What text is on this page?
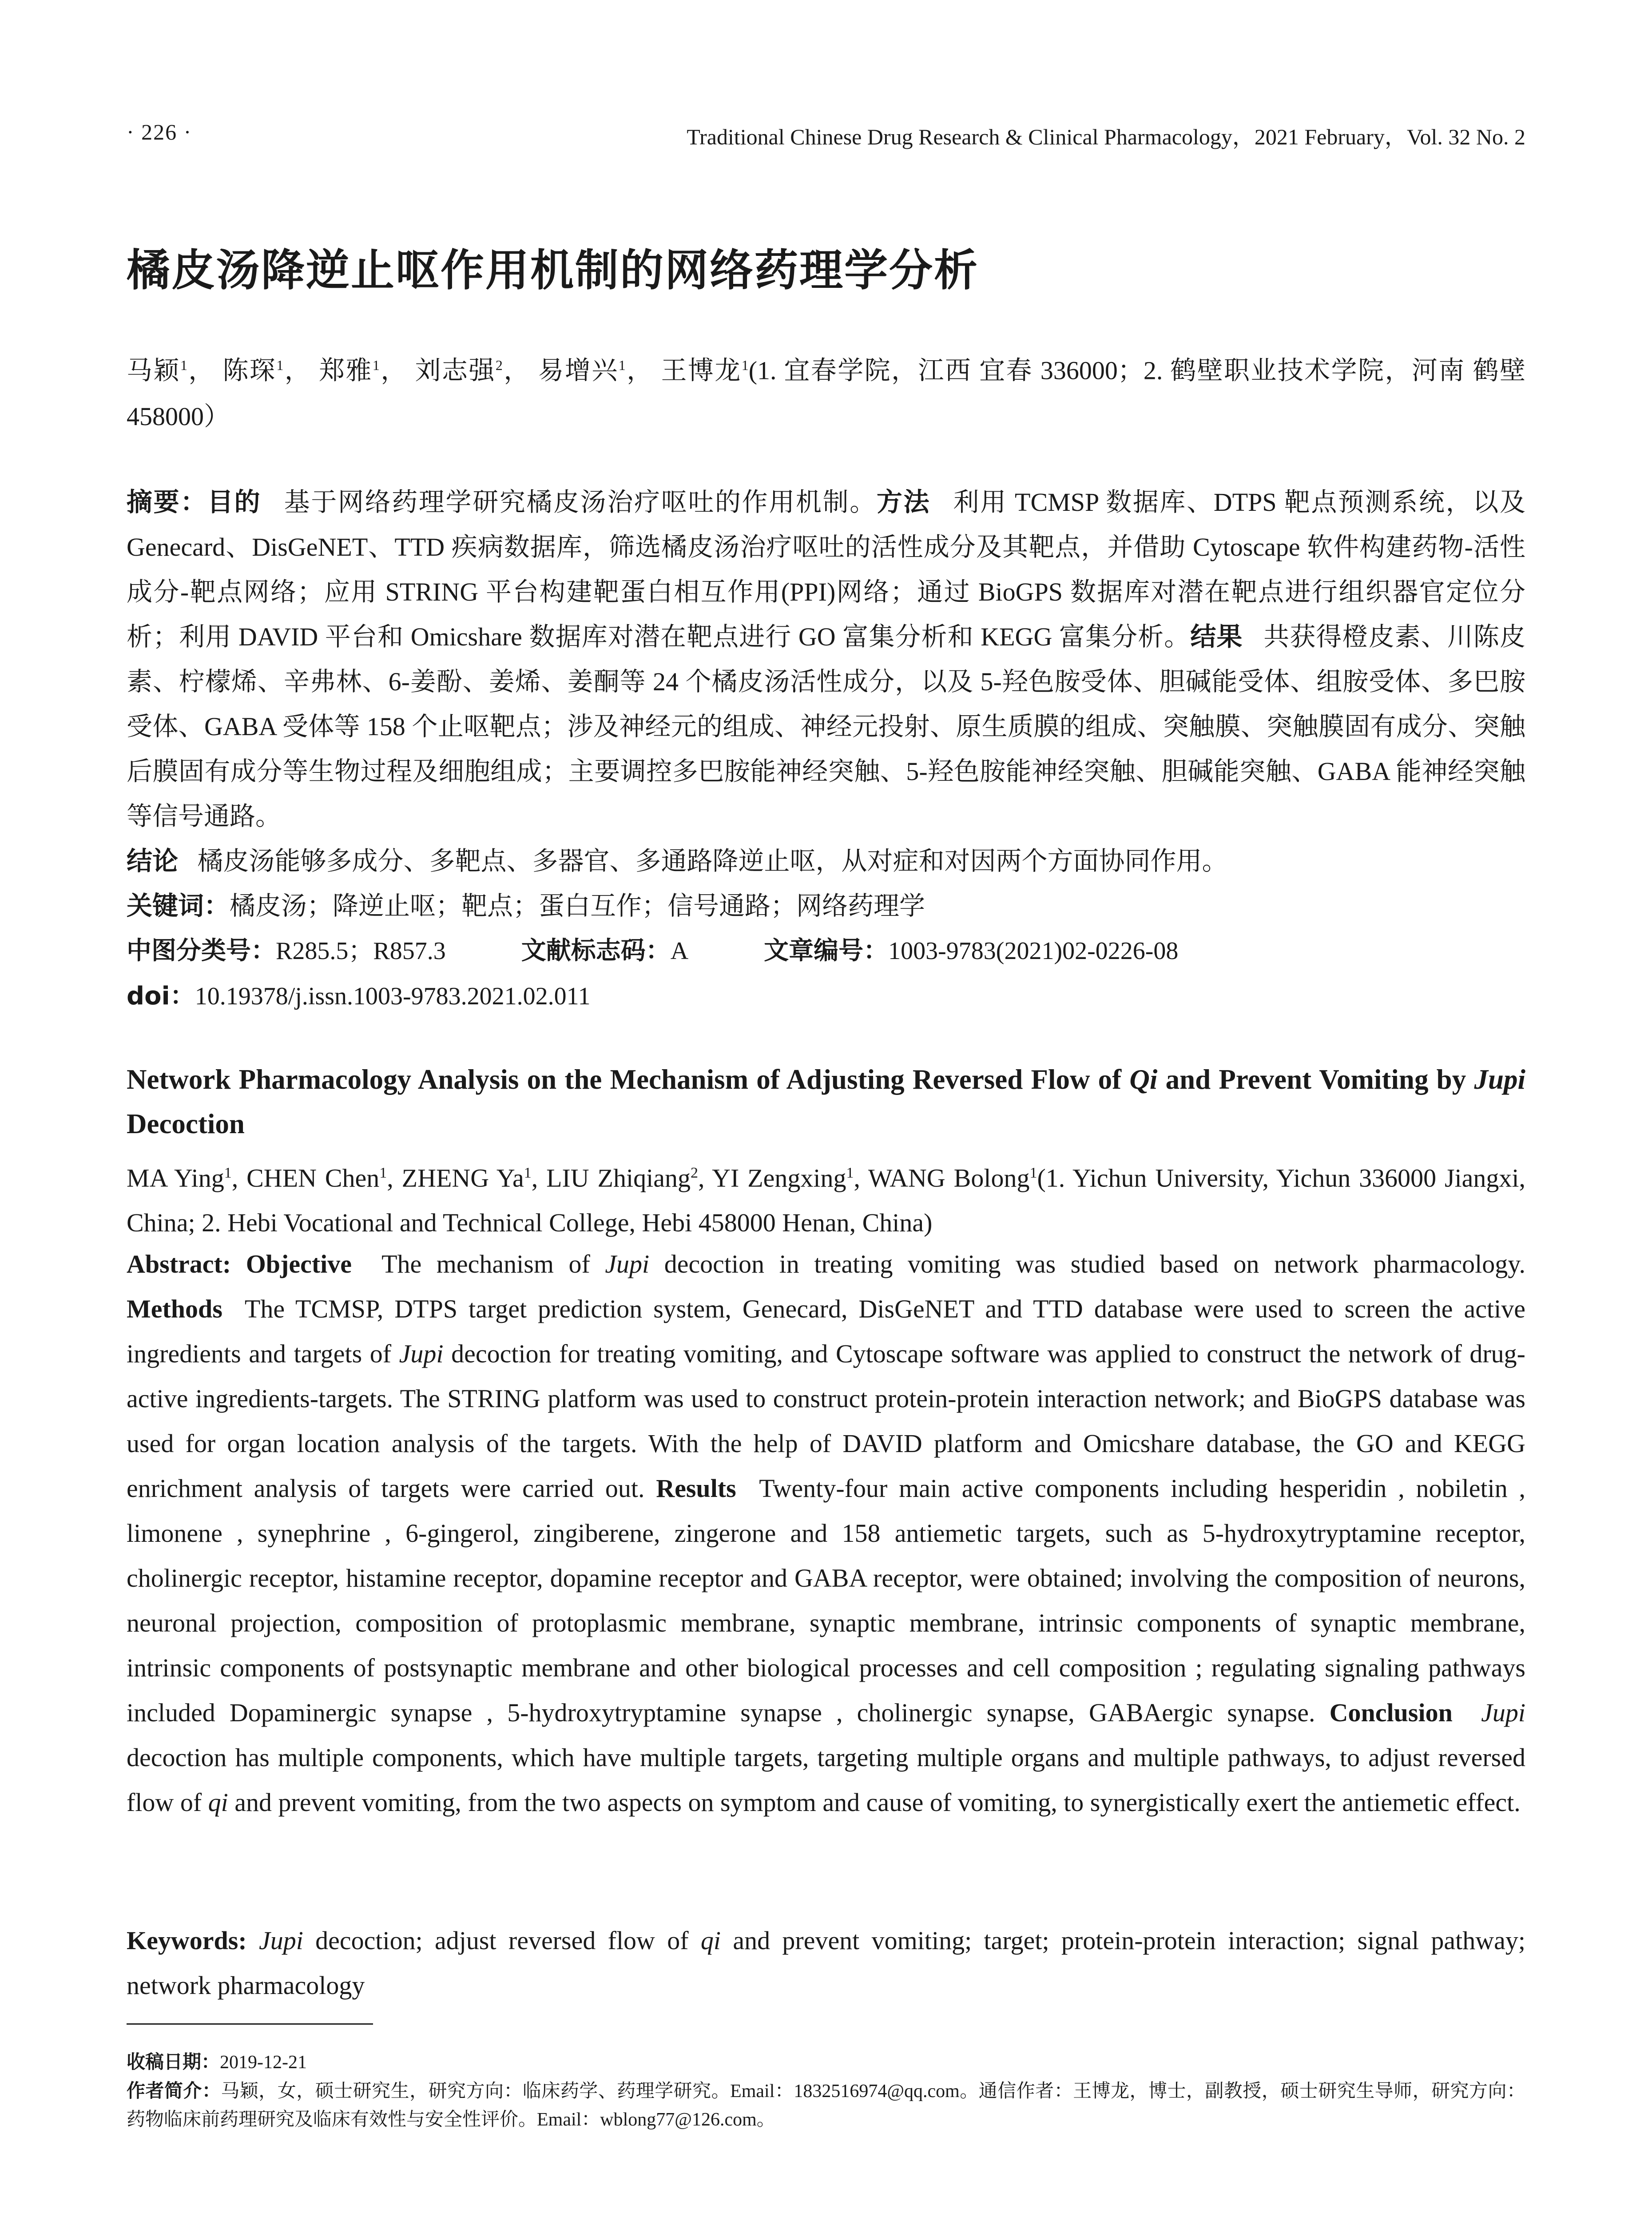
· 226 ·	Traditional Chinese Drug Research & Clinical Pharmacology，2021 February，Vol. 32 No. 2
橘皮汤降逆止呕作用机制的网络药理学分析
马颖$^1$， 陈琛$^1$， 郑雅$^1$， 刘志强$^2$， 易增兴$^1$， 王博龙$^1$(1. 宜春学院，江西 宜春 336000；2. 鹤壁职业技术学院，河南 鹤壁 458000）

摘要：目的 基于网络药理学研究橘皮汤治疗呕吐的作用机制。方法 利用 TCMSP 数据库、DTPS 靶点预测系统，以及 Genecard、DisGeNET、TTD 疾病数据库，筛选橘皮汤治疗呕吐的活性成分及其靶点，并借助 Cytoscape 软件构建药物-活性成分-靶点网络；应用 STRING 平台构建靶蛋白相互作用(PPI)网络；通过 BioGPS 数据库对潜在靶点进行组织器官定位分析；利用 DAVID 平台和 Omicshare 数据库对潜在靶点进行 GO 富集分析和 KEGG 富集分析。结果 共获得橙皮素、川陈皮素、柠檬烯、辛弗林、6-姜酚、姜烯、姜酮等 24 个橘皮汤活性成分，以及 5-羟色胺受体、胆碱能受体、组胺受体、多巴胺受体、GABA 受体等 158 个止呕靶点；涉及神经元的组成、神经元投射、原生质膜的组成、突触膜、突触膜固有成分、突触后膜固有成分等生物过程及细胞组成；主要调控多巴胺能神经突触、5-羟色胺能神经突触、胆碱能突触、GABA 能神经突触等信号通路。

结论 橘皮汤能够多成分、多靶点、多器官、多通路降逆止呕，从对症和对因两个方面协同作用。

关键词：橘皮汤；降逆止呕；靶点；蛋白互作；信号通路；网络药理学

中图分类号：R285.5；R857.3	文献标志码：A	文章编号：1003-9783(2021)02-0226-08

doi：10.19378/j.issn.1003-9783.2021.02.011

Network Pharmacology Analysis on the Mechanism of Adjusting Reversed Flow of Qi and Prevent Vomiting by Jupi Decoction
MA Ying$^1$, CHEN Chen$^1$, ZHENG Ya$^1$, LIU Zhiqiang$^2$, YI Zengxing$^1$, WANG Bolong$^1$(1. Yichun University, Yichun 336000 Jiangxi, China; 2. Hebi Vocational and Technical College, Hebi 458000 Henan, China)

Abstract: Objective The mechanism of Jupi decoction in treating vomiting was studied based on network pharmacology. Methods The TCMSP, DTPS target prediction system, Genecard, DisGeNET and TTD database were used to screen the active ingredients and targets of Jupi decoction for treating vomiting, and Cytoscape software was applied to construct the network of drug-active ingredients-targets. The STRING platform was used to construct protein-protein interaction network; and BioGPS database was used for organ location analysis of the targets. With the help of DAVID platform and Omicshare database, the GO and KEGG enrichment analysis of targets were carried out. Results Twenty-four main active components including hesperidin , nobiletin , limonene , synephrine , 6-gingerol, zingiberene, zingerone and 158 antiemetic targets, such as 5-hydroxytryptamine receptor, cholinergic receptor, histamine receptor, dopamine receptor and GABA receptor, were obtained; involving the composition of neurons, neuronal projection, composition of protoplasmic membrane, synaptic membrane, intrinsic components of synaptic membrane, intrinsic components of postsynaptic membrane and other biological processes and cell composition ; regulating signaling pathways included Dopaminergic synapse , 5-hydroxytryptamine synapse , cholinergic synapse, GABAergic synapse. Conclusion Jupi decoction has multiple components, which have multiple targets, targeting multiple organs and multiple pathways, to adjust reversed flow of qi and prevent vomiting, from the two aspects on symptom and cause of vomiting, to synergistically exert the antiemetic effect.

Keywords: Jupi decoction; adjust reversed flow of qi and prevent vomiting; target; protein-protein interaction; signal pathway; network pharmacology

收稿日期：2019-12-21

作者简介：马颖，女，硕士研究生，研究方向：临床药学、药理学研究。Email：1832516974@qq.com。通信作者：王博龙，博士，副教授，硕士研究生导师，研究方向：药物临床前药理研究及临床有效性与安全性评价。Email：wblong77@126.com。
